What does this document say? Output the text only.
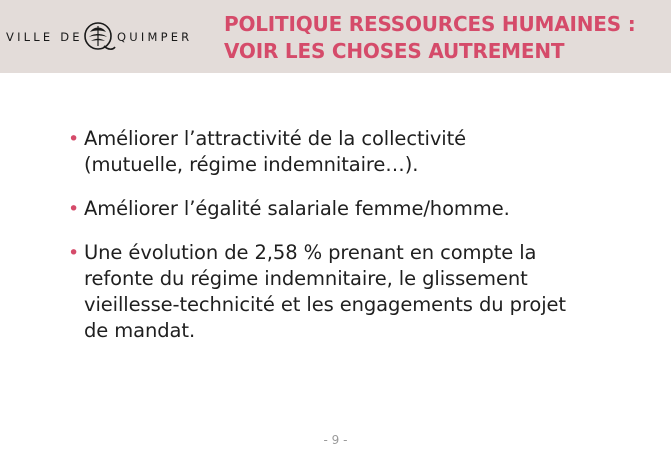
VILLE DE	QUIMPER
POLITIQUE RESSOURCES HUMAINES :
VOIR LES CHOSES AUTREMENT
• Améliorer l’attractivité de la collectivité
(mutuelle, régime indemnitaire…).
• Améliorer l’égalité salariale femme/homme.
• Une évolution de 2,58 % prenant en compte la
refonte du régime indemnitaire, le glissement
vieillesse-technicité et les engagements du projet
de mandat.
- 9 -
